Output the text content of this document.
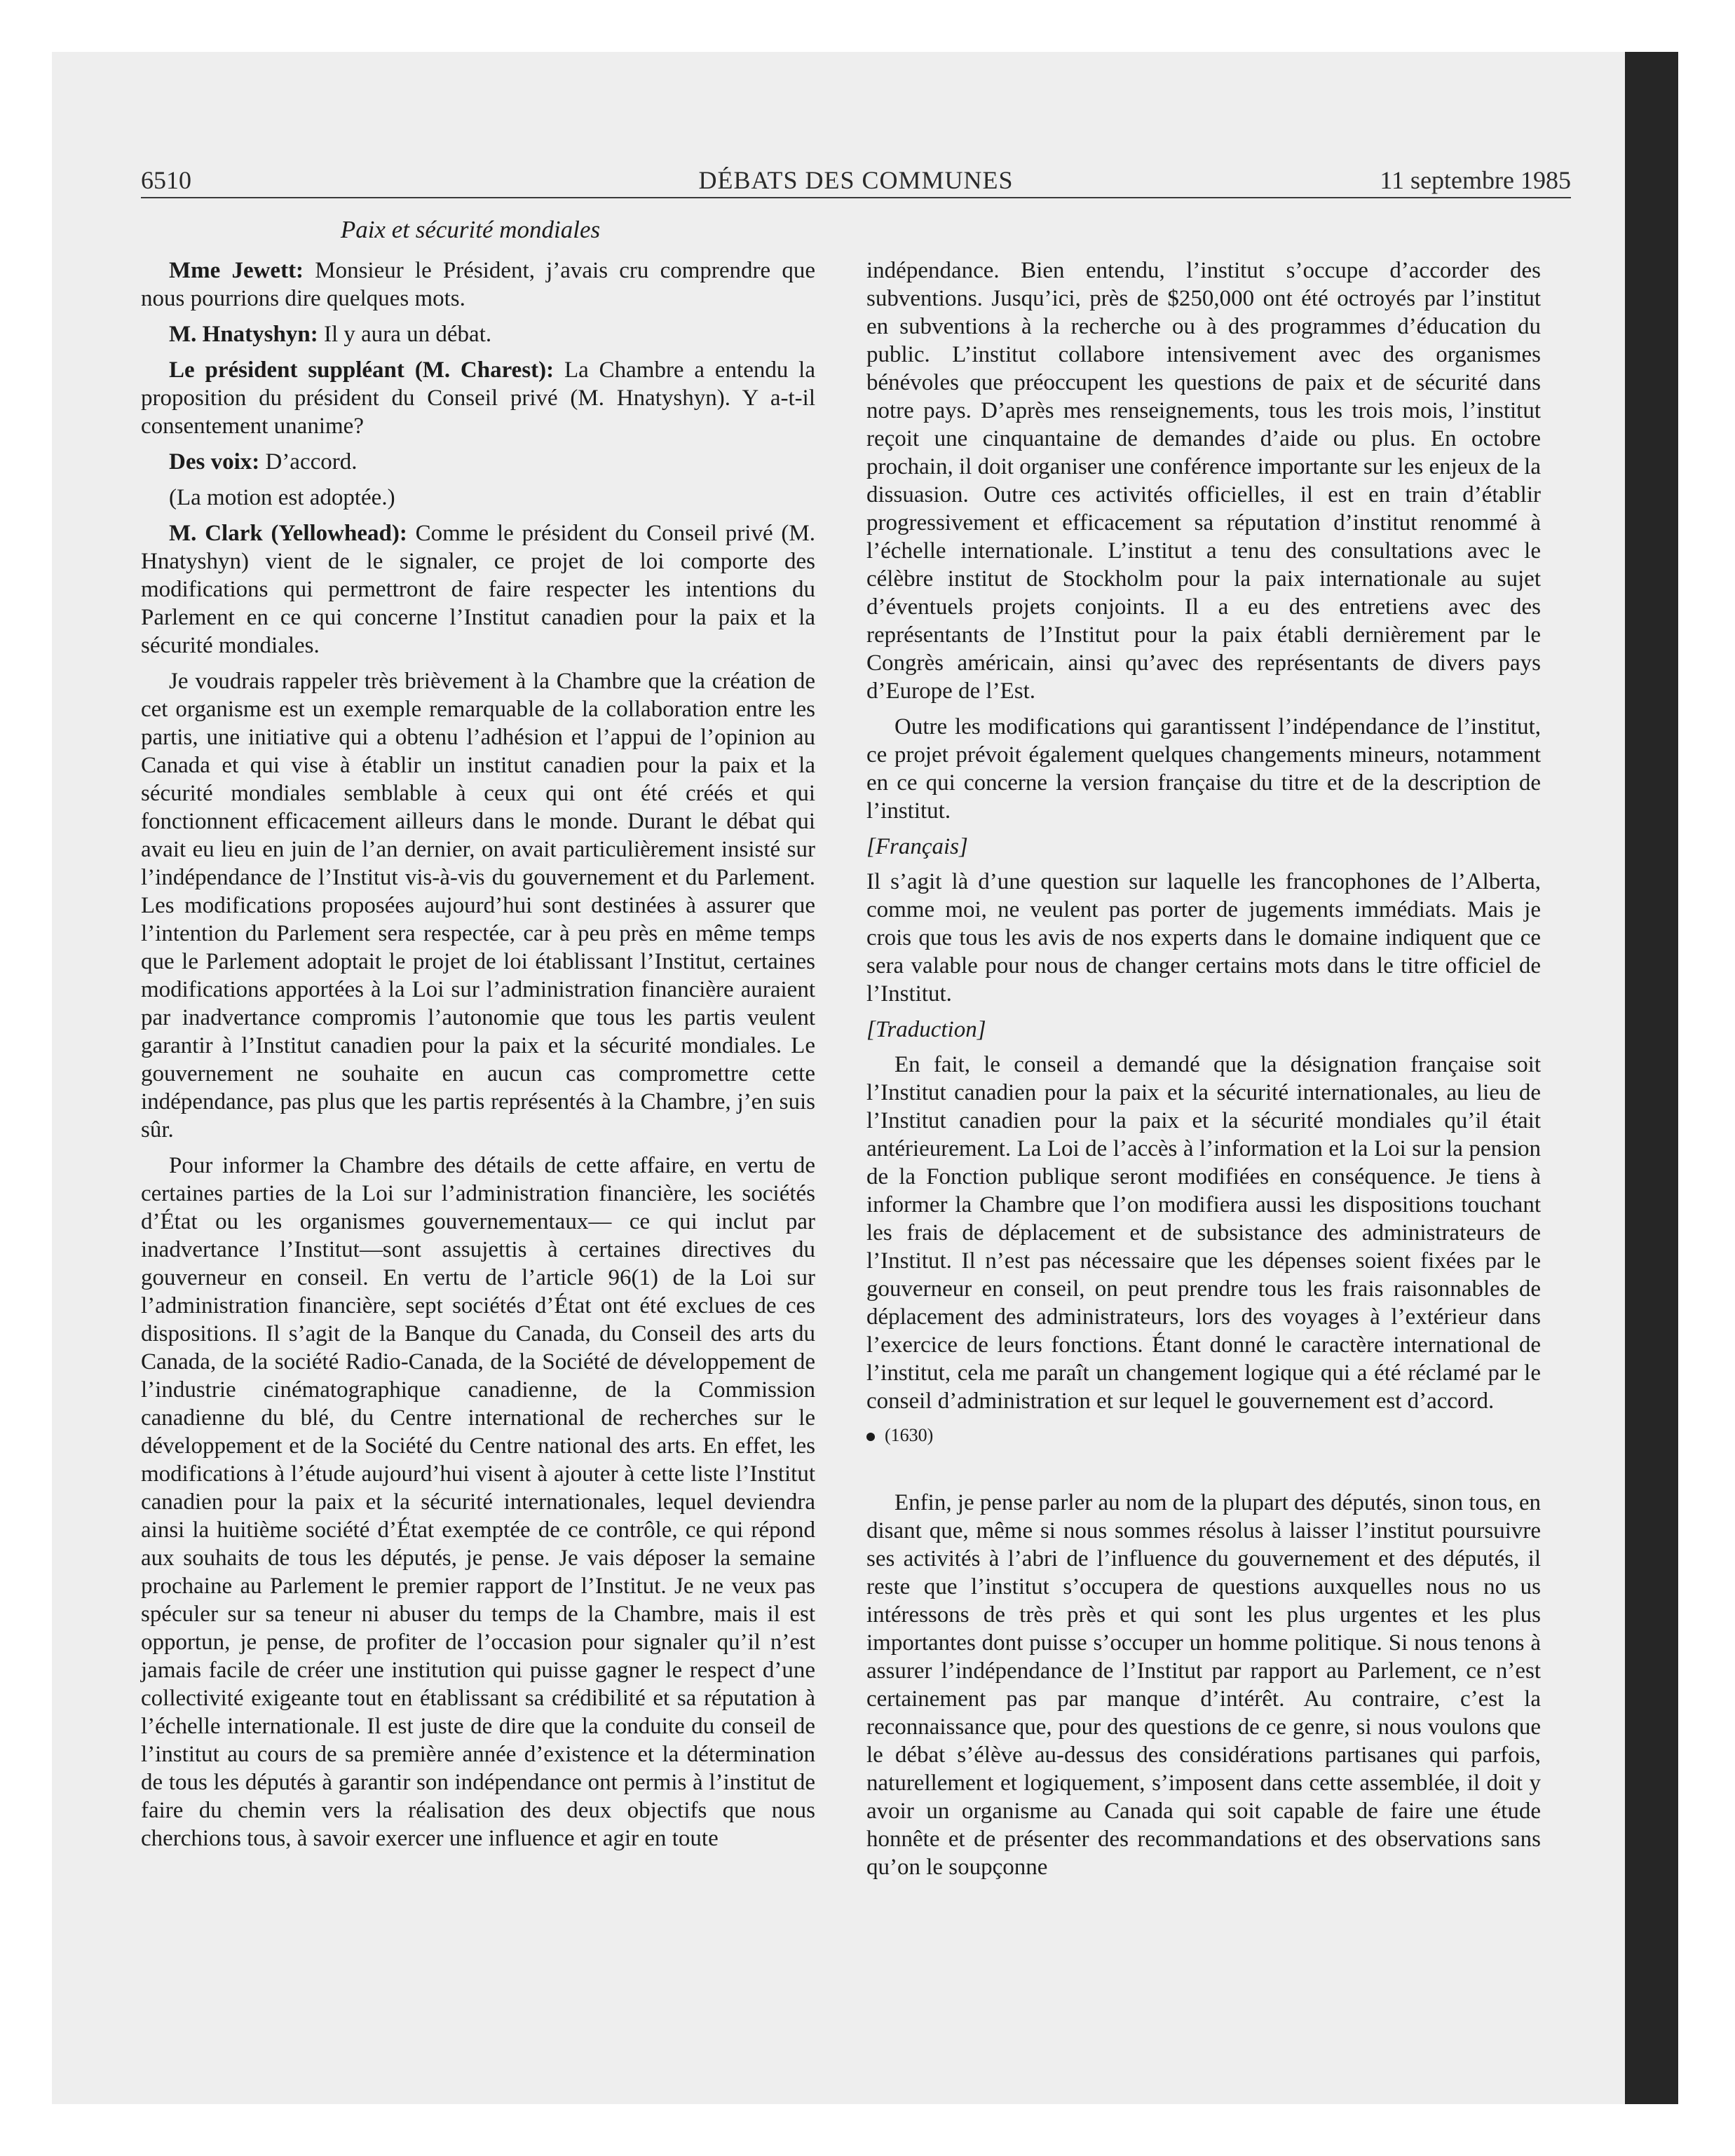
6510	DÉBATS DES COMMUNES	11 septembre 1985
Paix et sécurité mondiales

Mme Jewett: Monsieur le Président, j’avais cru comprendre que nous pourrions dire quelques mots.

M. Hnatyshyn: Il y aura un débat.

Le président suppléant (M. Charest): La Chambre a entendu la proposition du président du Conseil privé (M. Hnatyshyn). Y a-t-il consentement unanime?

Des voix: D’accord.

(La motion est adoptée.)

M. Clark (Yellowhead): Comme le président du Conseil privé (M. Hnatyshyn) vient de le signaler, ce projet de loi comporte des modifications qui permettront de faire respecter les intentions du Parlement en ce qui concerne l’Institut canadien pour la paix et la sécurité mondiales.

Je voudrais rappeler très brièvement à la Chambre que la création de cet organisme est un exemple remarquable de la collaboration entre les partis, une initiative qui a obtenu l’adhésion et l’appui de l’opinion au Canada et qui vise à établir un institut canadien pour la paix et la sécurité mondiales semblable à ceux qui ont été créés et qui fonctionnent efficacement ailleurs dans le monde. Durant le débat qui avait eu lieu en juin de l’an dernier, on avait particulièrement insisté sur l’indépendance de l’Institut vis-à-vis du gouvernement et du Parlement. Les modifications proposées aujourd’hui sont destinées à assurer que l’intention du Parlement sera respectée, car à peu près en même temps que le Parlement adoptait le projet de loi établissant l’Institut, certaines modifications apportées à la Loi sur l’administration financière auraient par inadvertance compromis l’autonomie que tous les partis veulent garantir à l’Institut canadien pour la paix et la sécurité mondiales. Le gouvernement ne souhaite en aucun cas compromettre cette indépendance, pas plus que les partis représentés à la Chambre, j’en suis sûr.

Pour informer la Chambre des détails de cette affaire, en vertu de certaines parties de la Loi sur l’administration financière, les sociétés d’État ou les organismes gouvernementaux— ce qui inclut par inadvertance l’Institut—sont assujettis à certaines directives du gouverneur en conseil. En vertu de l’article 96(1) de la Loi sur l’administration financière, sept sociétés d’État ont été exclues de ces dispositions. Il s’agit de la Banque du Canada, du Conseil des arts du Canada, de la société Radio-Canada, de la Société de développement de l’industrie cinématographique canadienne, de la Commission canadienne du blé, du Centre international de recherches sur le développement et de la Société du Centre national des arts. En effet, les modifications à l’étude aujourd’hui visent à ajouter à cette liste l’Institut canadien pour la paix et la sécurité internationales, lequel deviendra ainsi la huitième société d’État exemptée de ce contrôle, ce qui répond aux souhaits de tous les députés, je pense. Je vais déposer la semaine prochaine au Parlement le premier rapport de l’Institut. Je ne veux pas spéculer sur sa teneur ni abuser du temps de la Chambre, mais il est opportun, je pense, de profiter de l’occasion pour signaler qu’il n’est jamais facile de créer une institution qui puisse gagner le respect d’une collectivité exigeante tout en établissant sa crédibilité et sa réputation à l’échelle internationale. Il est juste de dire que la conduite du conseil de l’institut au cours de sa première année d’existence et la détermination de tous les députés à garantir son indépendance ont permis à l’institut de faire du chemin vers la réalisation des deux objectifs que nous cherchions tous, à savoir exercer une influence et agir en toute

indépendance. Bien entendu, l’institut s’occupe d’accorder des subventions. Jusqu’ici, près de $250,000 ont été octroyés par l’institut en subventions à la recherche ou à des programmes d’éducation du public. L’institut collabore intensivement avec des organismes bénévoles que préoccupent les questions de paix et de sécurité dans notre pays. D’après mes renseignements, tous les trois mois, l’institut reçoit une cinquantaine de demandes d’aide ou plus. En octobre prochain, il doit organiser une conférence importante sur les enjeux de la dissuasion. Outre ces activités officielles, il est en train d’établir progressivement et efficacement sa réputation d’institut renommé à l’échelle internationale. L’institut a tenu des consultations avec le célèbre institut de Stockholm pour la paix internationale au sujet d’éventuels projets conjoints. Il a eu des entretiens avec des représentants de l’Institut pour la paix établi dernièrement par le Congrès américain, ainsi qu’avec des représentants de divers pays d’Europe de l’Est.

Outre les modifications qui garantissent l’indépendance de l’institut, ce projet prévoit également quelques changements mineurs, notamment en ce qui concerne la version française du titre et de la description de l’institut.

[Français]

Il s’agit là d’une question sur laquelle les francophones de l’Alberta, comme moi, ne veulent pas porter de jugements immédiats. Mais je crois que tous les avis de nos experts dans le domaine indiquent que ce sera valable pour nous de changer certains mots dans le titre officiel de l’Institut.

[Traduction]

En fait, le conseil a demandé que la désignation française soit l’Institut canadien pour la paix et la sécurité internationales, au lieu de l’Institut canadien pour la paix et la sécurité mondiales qu’il était antérieurement. La Loi de l’accès à l’information et la Loi sur la pension de la Fonction publique seront modifiées en conséquence. Je tiens à informer la Chambre que l’on modifiera aussi les dispositions touchant les frais de déplacement et de subsistance des administrateurs de l’Institut. Il n’est pas nécessaire que les dépenses soient fixées par le gouverneur en conseil, on peut prendre tous les frais raisonnables de déplacement des administrateurs, lors des voyages à l’extérieur dans l’exercice de leurs fonctions. Étant donné le caractère international de l’institut, cela me paraît un changement logique qui a été réclamé par le conseil d’administration et sur lequel le gouvernement est d’accord.

(1630)

Enfin, je pense parler au nom de la plupart des députés, sinon tous, en disant que, même si nous sommes résolus à laisser l’institut poursuivre ses activités à l’abri de l’influence du gouvernement et des députés, il reste que l’institut s’occupera de questions auxquelles nous no us intéressons de très près et qui sont les plus urgentes et les plus importantes dont puisse s’occuper un homme politique. Si nous tenons à assurer l’indépendance de l’Institut par rapport au Parlement, ce n’est certainement pas par manque d’intérêt. Au contraire, c’est la reconnaissance que, pour des questions de ce genre, si nous voulons que le débat s’élève au-dessus des considérations partisanes qui parfois, naturellement et logiquement, s’imposent dans cette assemblée, il doit y avoir un organisme au Canada qui soit capable de faire une étude honnête et de présenter des recommandations et des observations sans qu’on le soupçonne
